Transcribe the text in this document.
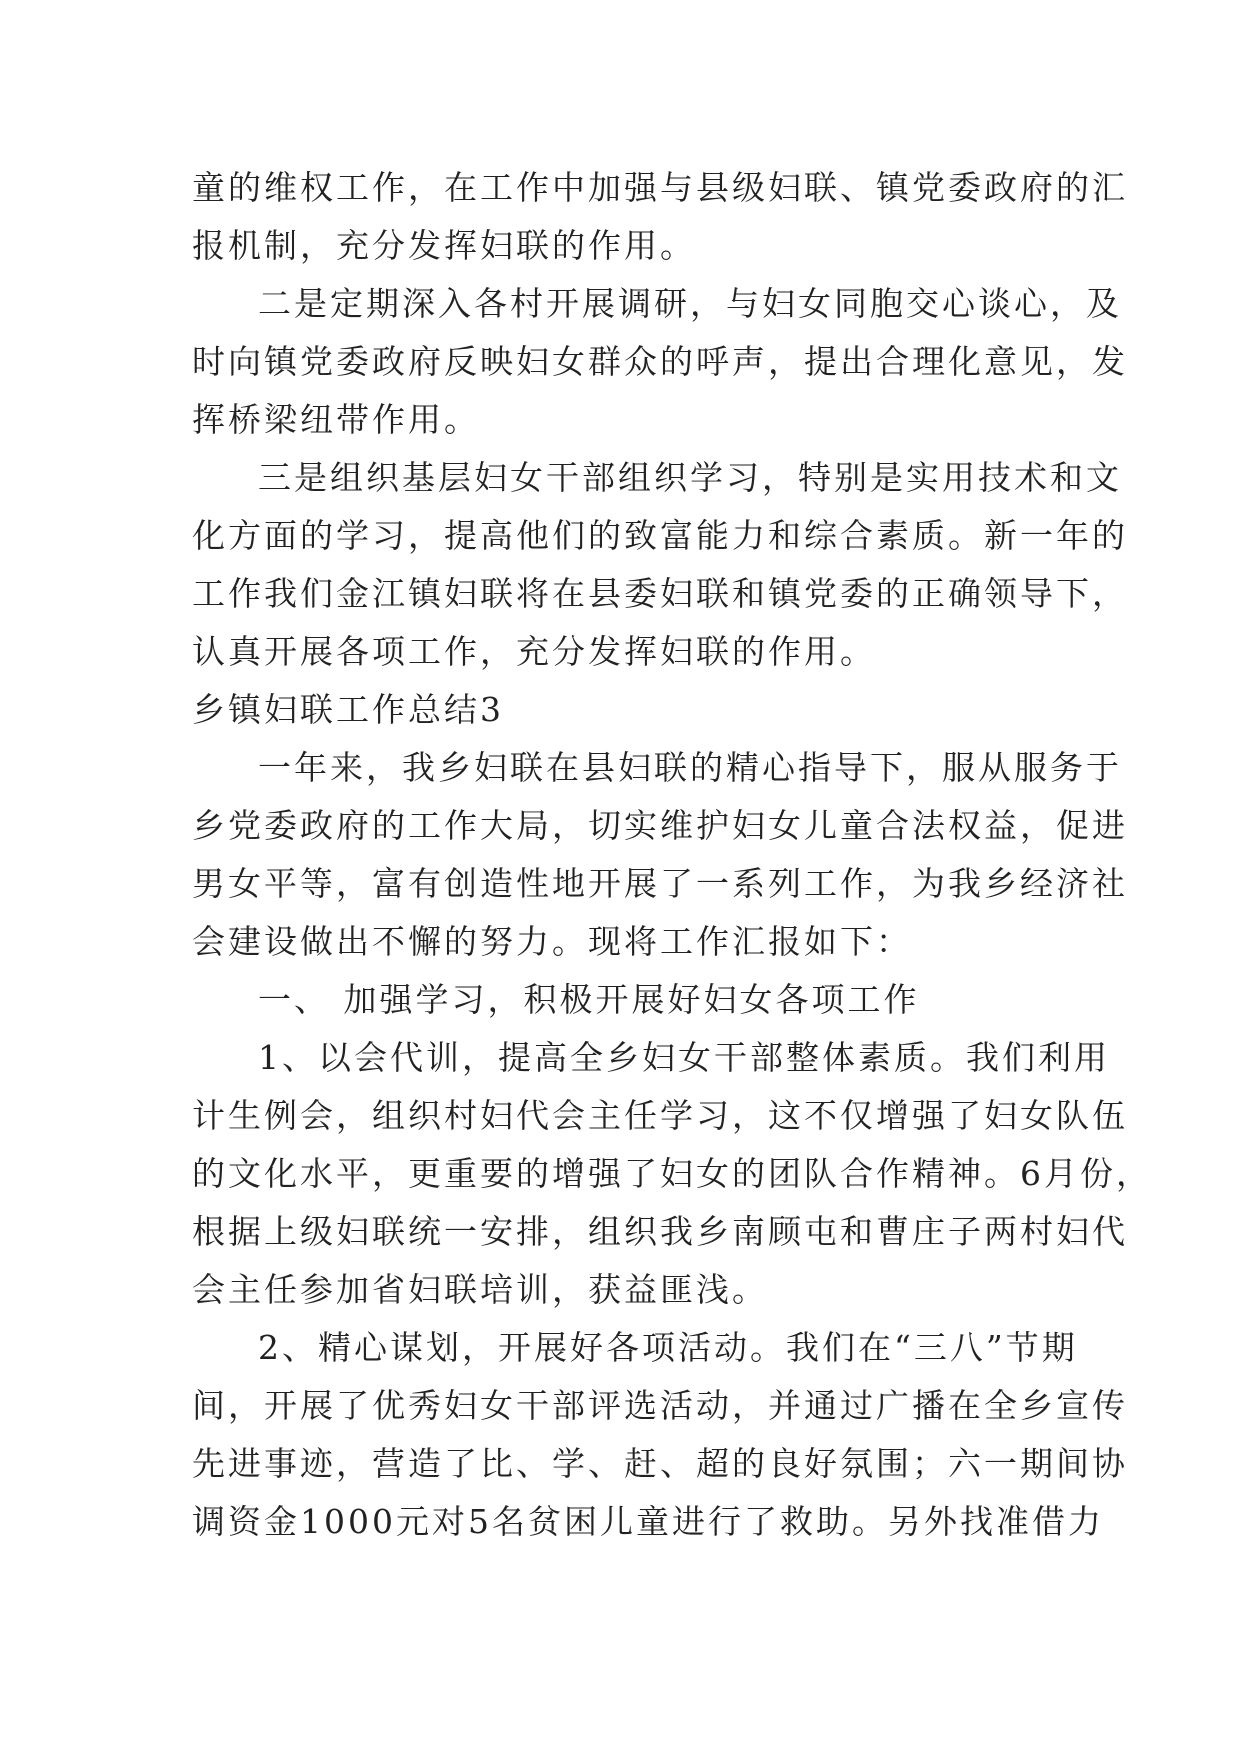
童的维权工作，在工作中加强与县级妇联、镇党委政府的汇
报机制，充分发挥妇联的作用。
二是定期深入各村开展调研，与妇女同胞交心谈心，及
时向镇党委政府反映妇女群众的呼声，提出合理化意见，发
挥桥梁纽带作用。
三是组织基层妇女干部组织学习，特别是实用技术和文
化方面的学习，提高他们的致富能力和综合素质。新一年的
工作我们金江镇妇联将在县委妇联和镇党委的正确领导下，
认真开展各项工作，充分发挥妇联的作用。
乡镇妇联工作总结3
一年来，我乡妇联在县妇联的精心指导下，服从服务于
乡党委政府的工作大局，切实维护妇女儿童合法权益，促进
男女平等，富有创造性地开展了一系列工作，为我乡经济社
会建设做出不懈的努力。现将工作汇报如下：
一、 加强学习，积极开展好妇女各项工作
1、以会代训，提高全乡妇女干部整体素质。我们利用
计生例会，组织村妇代会主任学习，这不仅增强了妇女队伍
的文化水平，更重要的增强了妇女的团队合作精神。6月份，
根据上级妇联统一安排，组织我乡南顾屯和曹庄子两村妇代
会主任参加省妇联培训，获益匪浅。
2、精心谋划，开展好各项活动。我们在“三八”节期
间，开展了优秀妇女干部评选活动，并通过广播在全乡宣传
先进事迹，营造了比、学、赶、超的良好氛围；六一期间协
调资金1000元对5名贫困儿童进行了救助。另外找准借力
